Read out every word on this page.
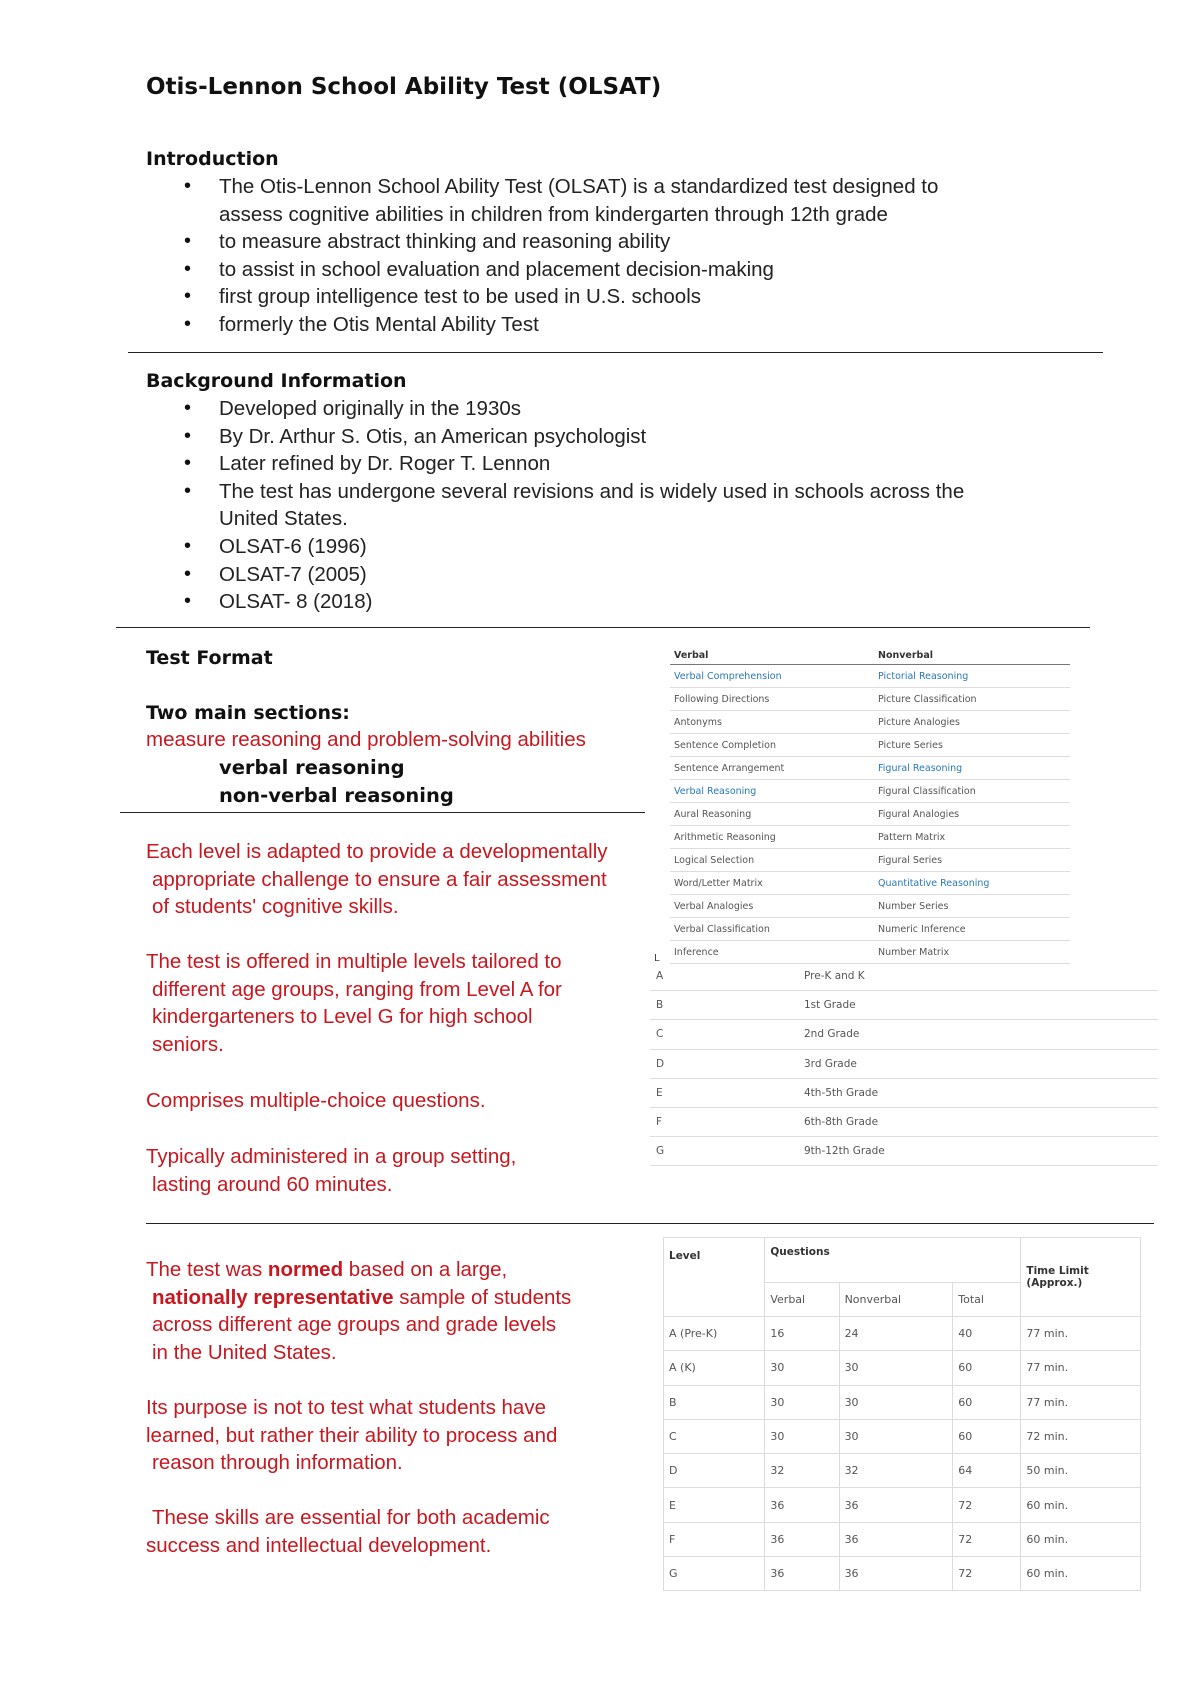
Otis-Lennon School Ability Test (OLSAT)
Introduction
• The Otis-Lennon School Ability Test (OLSAT) is a standardized test designed to
assess cognitive abilities in children from kindergarten through 12th grade
• to measure abstract thinking and reasoning ability
• to assist in school evaluation and placement decision-making
• first group intelligence test to be used in U.S. schools
• formerly the Otis Mental Ability Test
Background Information
• Developed originally in the 1930s
• By Dr. Arthur S. Otis, an American psychologist
• Later refined by Dr. Roger T. Lennon
• The test has undergone several revisions and is widely used in schools across the
United States.
• OLSAT-6 (1996)
• OLSAT-7 (2005)
• OLSAT- 8 (2018)
Test Format

Two main sections:

measure reasoning and problem-solving abilities

verbal reasoning

non-verbal reasoning

Each level is adapted to provide a developmentally
appropriate challenge to ensure a fair assessment
of students' cognitive skills.
The test is offered in multiple levels tailored to
different age groups, ranging from Level A for
kindergarteners to Level G for high school
seniors.

Comprises multiple-choice questions.

Typically administered in a group setting,
lasting around 60 minutes.
The test was normed based on a large,
nationally representative sample of students
across different age groups and grade levels
in the United States.
Its purpose is not to test what students have
learned, but rather their ability to process and
reason through information.
These skills are essential for both academic
success and intellectual development.
Verbal	Nonverbal
Verbal Comprehension	Pictorial Reasoning
Following Directions	Picture Classification
Antonyms	Picture Analogies
Sentence Completion	Picture Series
Sentence Arrangement	Figural Reasoning
Verbal Reasoning	Figural Classification
Aural Reasoning	Figural Analogies
Arithmetic Reasoning	Pattern Matrix
Logical Selection	Figural Series
Word/Letter Matrix	Quantitative Reasoning
Verbal Analogies	Number Series
Verbal Classification	Numeric Inference
Inference	Number Matrix
L
A	Pre-K and K
B	1st Grade
C	2nd Grade
D	3rd Grade
E	4th-5th Grade
F	6th-8th Grade
G	9th-12th Grade
Level	Questions			Time Limit (Approx.)
	Verbal	Nonverbal	Total	
A (Pre-K)	16	24	40	77 min.
A (K)	30	30	60	77 min.
B	30	30	60	77 min.
C	30	30	60	72 min.
D	32	32	64	50 min.
E	36	36	72	60 min.
F	36	36	72	60 min.
G	36	36	72	60 min.
